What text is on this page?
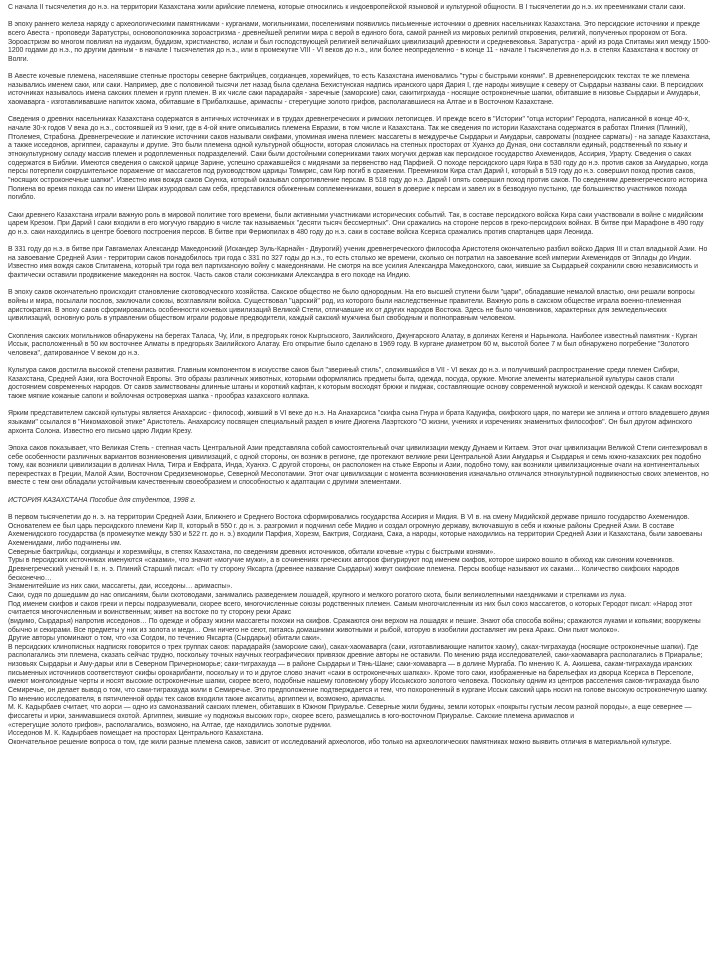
С начала II тысячелетия до н.э. на территории Казахстана жили арийские племена, которые относились к индоевропейской языковой и культурной общности. В I тысячелетии до н.э. их преемниками стали саки.

В эпоху раннего железа наряду с археологическими памятниками - курганами, могильниками, поселениями появились письменные источники о древних насельниках Казахстана. Это персидские источники и прежде всего Авеста - проповеди Заратустры, основоположника зороастризма - древнейшей религии мира с верой в единого бога, самой ранней из мировых религий откровения, религий, полученных пророком от Бога. Зороастризм во многом повлиял на иудаизм, буддизм, христианство, ислам и был господствующей религией величайших цивилизаций древности и средневековья. Заратустра - арий из рода Спитамы жил между 1500-1200 годами до н.э., по другим данным - в начале I тысячелетия до н.э., или в промежутке VIII - VI веков до н.э., или более неопределенно - в конце 11 - начале I тысячелетия до н.э. в степях Казахстана к востоку от Волги.

В Авесте кочевые племена, населявшие степные просторы северне бактрийцев, согдианцев, хоремийцев, то есть Казахстана именовались "туры с быстрыми конями". В древнеперсидских текстах те же племена назывались именем саки, или саки. Например, две с половиной тысячи лет назад была сделана Бехистунская надпись иранского царя Дария I, где народы живущие к северу от Сырдарьи названы саки. В персидских источниках называлось имена сакских племен и групп племен. В их числе саки парадарайя - заречные (заморские) саки, сакитигрхауда - носящие остроконечные шапки, обитавшие в низовье Сырдарьи и Амударьи, хаомаварга - изготавливавшие напиток хаома, обитавшие в Прибалхашье, аримаспы - стерегущие золото грифов, располагавшиеся на Алтае и в Восточном Казахстане.

Сведения о древних насельниках Казахстана содержатся в античных источниках и в трудах древнегреческих и римских летописцев. И прежде всего в "Истории" "отца истории" Геродота, написанной в конце 40-х, начале 30-х годов V века до н.э., состоявшей из 9 книг, где в 4-ой книге описывались племена Евразии, в том числе и Казахстана. Так же сведения по истории Казахстана содержатся в работах Плиния (Плиний), Птолемея, Страбона. Древнегреческие и латинские источники саков называли скифами, упоминая имена племен: массагеты в междуречье Сырдарьи и Амударьи, савроматы (позднее сарматы) - на западе Казахстана, а также исседонов, аргиппеи, саракаулы и другие. Это были племена одной культурной общности, которая сложилась на степных просторах от Хуанхэ до Дуная, они составляли единый, родственный по языку и этнокультурному складу массив племен и родоплеменных подразделений. Саки были достойными соперниками таких могучих держав как персидское государство Ахеменидов, Ассирия, Урарту. Сведения о саках содержатся в Библии. Имеются сведения о сакской царице Зарине, успешно сражавшейся с мидянами за первенство над Парфией. О походе персидского царя Кира в 530 году до н.э. против саков за Амударью, когда персы потерпели сокрушительное поражение от массагетов под руководством царицы Томирис, сам Кир погиб в сражении. Преемником Кира стал Дарий I, который в 519 году до н.э. совершил поход против саков, "носящих остроконечные шапки". Известно имя вождя саков Скунха, который оказывал сопротивление персам. В 518 году до н.э. Дарий I опять совершил поход против саков. По сведениям древнегреческого историка Полиена во время похода сак по имени Ширак изуродовал сам себя, представился обиженным соплеменниками, вошел в доверие к персам и завел их в безводную пустыню, где большинство участников похода погибло.

Саки древнего Казахстана играли важную роль в мировой политике того времени, были активными участниками исторических событий. Так, в составе персидского войска Кира саки участвовали в войне с мидийским царем Крезом. При Дарий I саки входили в его могучую гвардию в числе так называемых "десяти тысяч бессмертных". Они сражались на стороне персов в греко-персидских войнах. В битве при Марафоне в 490 году до н.э. саки находились в центре боевого построения персов. В битве при Фермопилах в 480 году до н.э. саки в составе войска Ксеркса сражались против спартанцев царя Леонида.

В 331 году до н.э. в битве при Гавгамелах Александр Македонский (Искандер Зуль-Карнайн - Двурогий) ученик древнегреческого философа Аристотеля окончательно разбил войско Дария III и стал владыкой Азии. Но на завоевание Средней Азии - территории саков понадобилось три года с 331 по 327 годы до н.э., то есть столько же времени, сколько он потратил на завоевание всей империи Ахеменидов от Эллады до Индии. Известно имя вождя саков Спитамена, который три года вел партизанскую войну с македонянами. Не смотря на все усилия Александра Македонского, саки, жившие за Сырдарьей сохранили свою независимость и фактически оставили продвижение македонян на восток. Часть саков стали союзниками Александра в его походе на Индию.

В эпоху саков окончательно происходит становление скотоводческого хозяйства. Сакское общество не было однородным. На его высшей ступени были "цари", обладавшие немалой властью, они решали вопросы войны и мира, посылали послов, заключали союзы, возглавляли войска. Существовал "царский" род, из которого были наследственные правители. Важную роль в сакском обществе играла военно-племенная аристократия. В эпоху саков сформировались особенности кочевых цивилизаций Великой Степи, отличавшие их от других народов Востока. Здесь не было чиновников, характерных для земледельческих цивилизаций, основную роль в управлении обществом играли родовые предводители, каждый сакский мужчина был свободным и полноправным человеком.

Скопления сакских могильников обнаружены на берегах Таласа, Чу, Или, в предгорьях гонок Кыргызского, Заилийского, Джунгарского Алатау, в долинах Кегеня и Нарынкола. Наиболее известный памятник - Курган Иссык, расположенный в 50 км восточнее Алматы в предгорьях Заилийского Алатау. Его открытие было сделано в 1969 году. В кургане диаметром 60 м, высотой более 7 м был обнаружено погребение "Золотого человека", датированное V веком до н.э.

Культура саков достигла высокой степени развития. Главным компонентом в искусстве саков был "звериный стиль", сложившийся в VII - VI веках до н.э. и получивший распространение среди племен Сибири, Казахстана, Средней Азии, юга Восточной Европы. Это образы различных животных, которыми оформлялись предметы быта, одежда, посуда, оружие. Многие элементы материальной культуры саков стали достоянием современных народов. От саков заимствованы длинные штаны и короткий кафтан, к которым восходят брюки и пиджак, составляющие основу современной мужской и женской одежды. К сакам восходят также мягкие кожаные сапоги и войлочная островерхая шапка - прообраз казахского колпака.

Ярким представителем сакской культуры является Анахарсис - философ, живший в VI веке до н.э. На Анахарсиса "скифа сына Гнура и брата Кадуифа, скифского царя, по матери же эллина и оттого владевшего двумя языками" ссылался в "Никомаховой этике" Аристотель. Анахарсису посвящен специальный раздел в книге Диогена Лаэртского "О жизни, учениях и изречениях знаменитых философов". Он был другом афинского архонта Солона. Известно его письмо царю Лидии Крезу.

Эпоха саков показывает, что Великая Степь - степная часть Центральной Азии представляла собой самостоятельный очаг цивилизации между Дунаем и Китаем. Этот очаг цивилизации Великой Степи синтезировал в себе особенности различных вариантов возникновения цивилизаций, с одной стороны, он возник в регионе, где протекают великие реки Центральной Азии Амударья и Сырдарья и семь южно-казахских рек подобно тому, как возникли цивилизации в долинах Нила, Тигра и Евфрата, Инда, Хуанхэ. С другой стороны, он расположен на стыке Европы и Азии, подобно тому, как возникли цивилизационные очаги на континентальных перекрестках в Греции, Малой Азии, Восточном Средиземноморье, Северной Месопотамии. Этот очаг цивилизации с момента возникновения изначально отличался этнокультурной подвижностью своих элементов, но вместе с тем они обладали устойчивым качественным своеобразием и способностью к адаптации с другими элементами.

ИСТОРИЯ КАЗАХСТАНА Пособие для студентов, 1998 г.

В первом тысячелетии до н. э. на территории Средней Азии, Ближнего и Среднего Востока сформировались государства Ассирия и Мидия. В VI в. на смену Мидийской державе пришло государство Ахеменидов. Основателем ее был царь персидского племени Кир II, который в 550 г. до н. э. разгромил и подчинил себе Мидию и создал огромную державу, включавшую в себя и южные районы Средней Азии. В составе Ахеменидского государства (в промежутке между 530 и 522 гг. до н. э.) входили Парфия, Хорезм, Бактрия, Согдиана, Сака, а народы, которые находились на территории Средней Азии и Казахстана, были завоеваны Ахеменидами, либо подчинены им.

Северные бактрийцы, согдианцы и хорезмийцы, в степях Казахстана, по сведениям древних источников, обитали кочевые «туры с быстрыми конями».

Туры в персидских источниках именуются «саками», что значит «могучие мужи», а в сочинениях греческих авторов фигурируют под именем скифов, которое широко вошло в обиход как синоним кочевников.

Древнегреческий ученый I в. н. э. Плиний Старший писал: «По ту сторону Яксарта (древнее название Сырдарьи) живут скифские племена. Персы вообще называют их саками… Количество скифских народов бесконечно…

Знаменитейшие из них саки, массагеты, даи, исседоны… аримаспы».

Саки, судя по дошедшим до нас описаниям, были скотоводами, занимались разведением лошадей, крупного и мелкого рогатого скота, были великолепными наездниками и стрелками из лука.

Под именем скифов и саков греки и персы подразумевали, скорее всего, многочисленные союзы родственных племен. Самым многочисленным из них был союз массагетов, о которых Геродот писал: «Народ этот считается многочисленным и воинственным; живет на востоке по ту сторону реки Аракс

(видимо, Сырдарья) напротив исседонов… По одежде и образу жизни массагеты похожи на скифов. Сражаются они верхом на лошадях и пешие. Знают оба способа войны; сражаются луками и копьями; вооружены обычно и секирами. Все предметы у них из золота и меди… Они ничего не сеют, питаясь домашними животными и рыбой, которую в изобилии доставляет им река Аракс. Они пьют молоко».

Другие авторы упоминают о том, что «за Согдом, по течению Яксарта (Сырдарьи) обитали саки».

В персидских клинописных надписях говорится о трех группах саков: парадарайя (заморские саки), саках-хаомаварга (саки, изготавливающие напиток хаому), саках-тиграхауда (носящие остроконечные шапки). Где располагались эти племена, сказать сейчас трудно, поскольку точных научных географических привязок древние авторы не оставили. По мнению ряда исследователей, саки-хаомаварга располагались в Приаралье; низовьях Сырдарьи и Аму-дарьи или в Северном Причерноморье; саки-тиграхауда — в районе Сырдарьи и Тянь-Шане; саки-хомаварга — в долине Мургаба. По мнению К. А. Акишева, сакам-тиграхауда иранских письменных источников соответствуют скифы орокарибанти, поскольку и то и другое слово значит «саки в остроконечных шапках». Кроме того саки, изображенные на барельефах из дворца Ксеркса в Персеполе, имеют монголоидные черты и носят высокие остроконечные шапки, скорее всего, подобные нашему головному убору Иссыкского золотого человека. Поскольку одним из центров расселения саков-тиграхауда было Семиречье, он делает вывод о том, что саки-тиграхауда жили в Семиречье. Это предположение подтверждается и тем, что похороненный в кургане Иссык сакский царь носил на голове высокую остроконечную шапку. По мнению исследователя, в пятичленной орды тех саков входили также аксагиты, аргиппеи и, возможно, аримаспы.

М. К. Кадырбаев считает, что аорси — одно из самоназваний сакских племен, обитавших в Южном Приуралье. Северные жили будины, земли которых «покрыты густым лесом разной породы», а еще севернее — фиссагеты и ирки, занимавшиеся охотой. Аргиппеи, жившие «у подножья высоких гор», скорее всего, размещались в юго-восточном Приуралье. Сакские племена аримаспов и

«стерегущие золото грифов», располагались, возможно, на Алтае, где находились золотые рудники.

Исседонов М. К. Кадырбаев помещает на просторах Центрального Казахстана.

Окончательное решение вопроса о том, где жили разные племена саков, зависит от исследований археологов, ибо только на археологических памятниках можно выявить отличия в материальной культуре.
